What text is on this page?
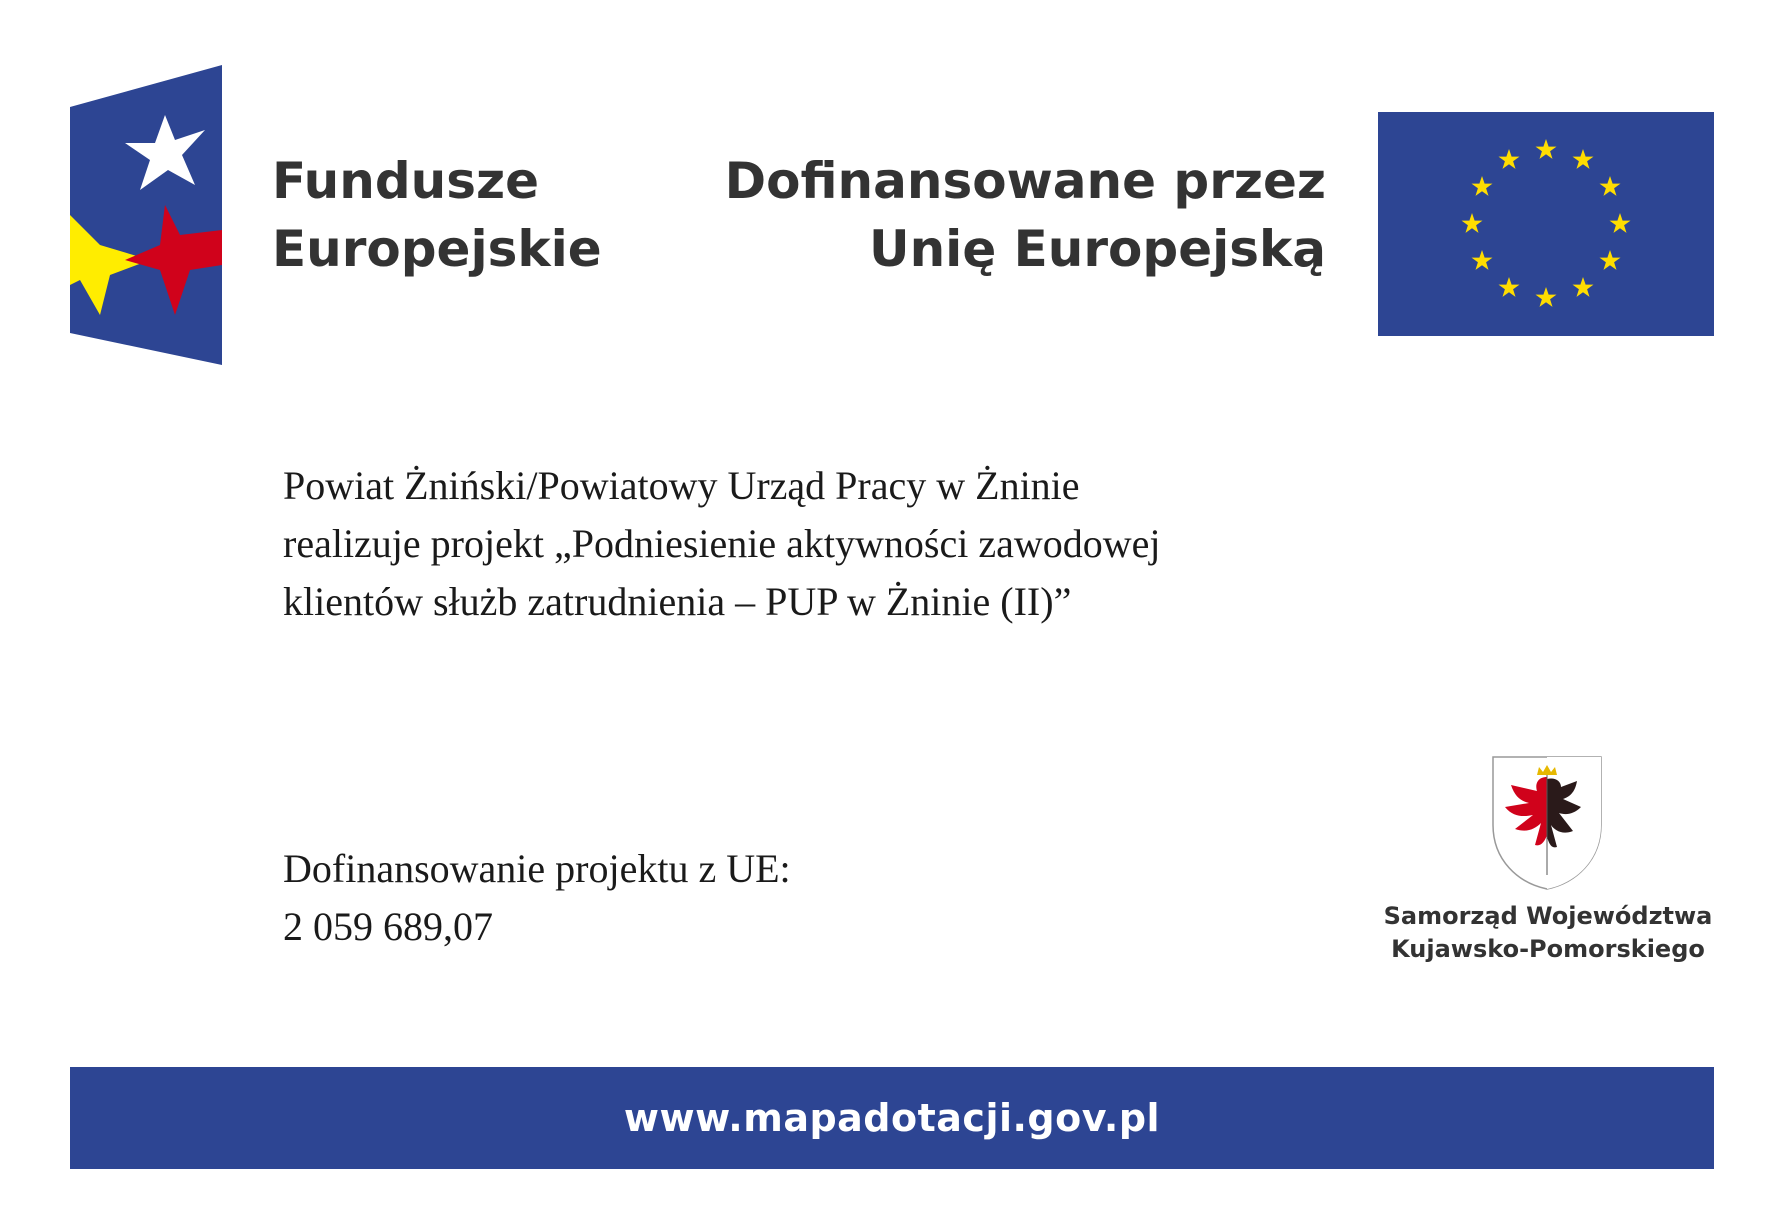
Fundusze
Europejskie
Dofinansowane przez
Unię Europejską
Powiat Żniński/Powiatowy Urząd Pracy w Żninie
realizuje projekt „Podniesienie aktywności zawodowej
klientów służb zatrudnienia – PUP w Żninie (II)”
Dofinansowanie projektu z UE:
2 059 689,07	Samorząd Województwa
Kujawsko-Pomorskiego
www.mapadotacji.gov.pl
